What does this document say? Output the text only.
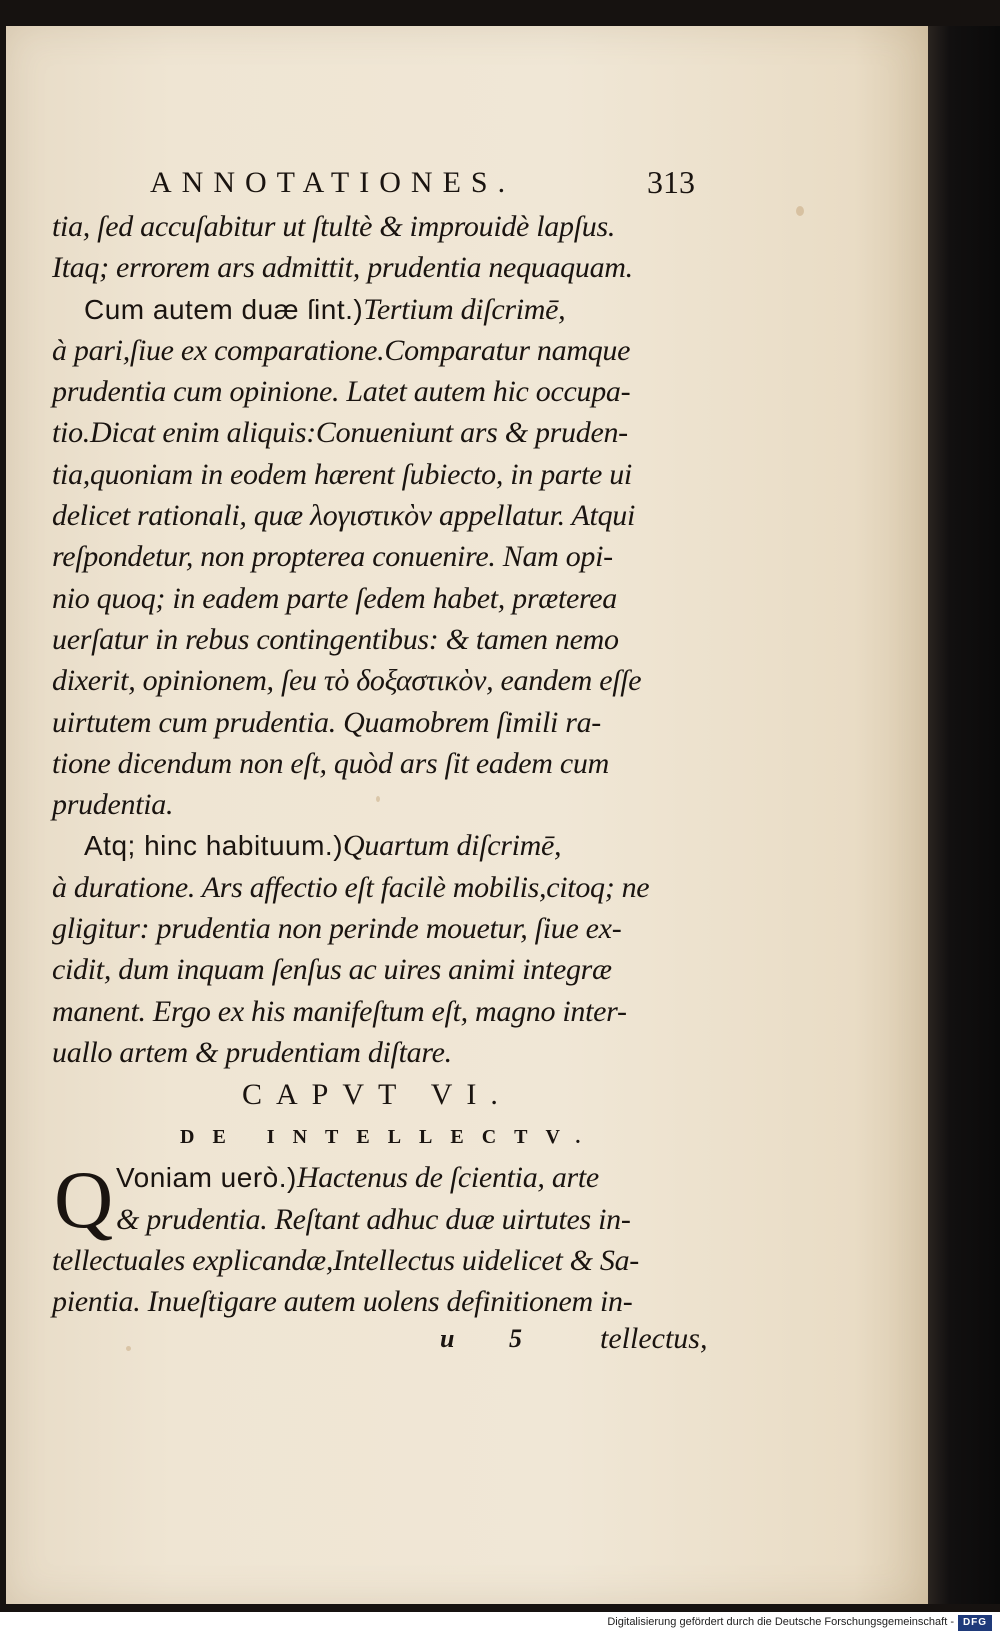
ANNOTATIONES.	313
tia, ſed accuſabitur ut ſtultè & improuidè lapſus.
Itaq; errorem ars admittit, prudentia nequaquam.
Cum autem duæ ſint.)Tertium diſcrimē,
à pari,ſiue ex comparatione.Comparatur namque
prudentia cum opinione. Latet autem hic occupa-
tio.Dicat enim aliquis:Conueniunt ars & pruden-
tia,quoniam in eodem hærent ſubiecto, in parte ui
delicet rationali, quæ λογιστικὸν appellatur. Atqui
reſpondetur, non propterea conuenire. Nam opi-
nio quoq; in eadem parte ſedem habet, præterea
uerſatur in rebus contingentibus: & tamen nemo
dixerit, opinionem, ſeu τὸ δοξαστικὸν, eandem eſſe
uirtutem cum prudentia. Quamobrem ſimili ra-
tione dicendum non eſt, quòd ars ſit eadem cum
prudentia.
Atq; hinc habituum.)Quartum diſcrimē,
à duratione. Ars affectio eſt facilè mobilis,citoq; ne
gligitur: prudentia non perinde mouetur, ſiue ex-
cidit, dum inquam ſenſus ac uires animi integræ
manent. Ergo ex his manifeſtum eſt, magno inter-
uallo artem & prudentiam diſtare.
CAPVT VI.
DE INTELLECTV.
Q Voniam uerò.)Hactenus de ſcientia, arte
& prudentia. Reſtant adhuc duæ uirtutes in-
tellectuales explicandæ,Intellectus uidelicet & Sa-
pientia. Inueſtigare autem uolens definitionem in-
u 5 tellectus,
Digitalisierung gefördert durch die Deutsche Forschungsgemeinschaft - DFG
